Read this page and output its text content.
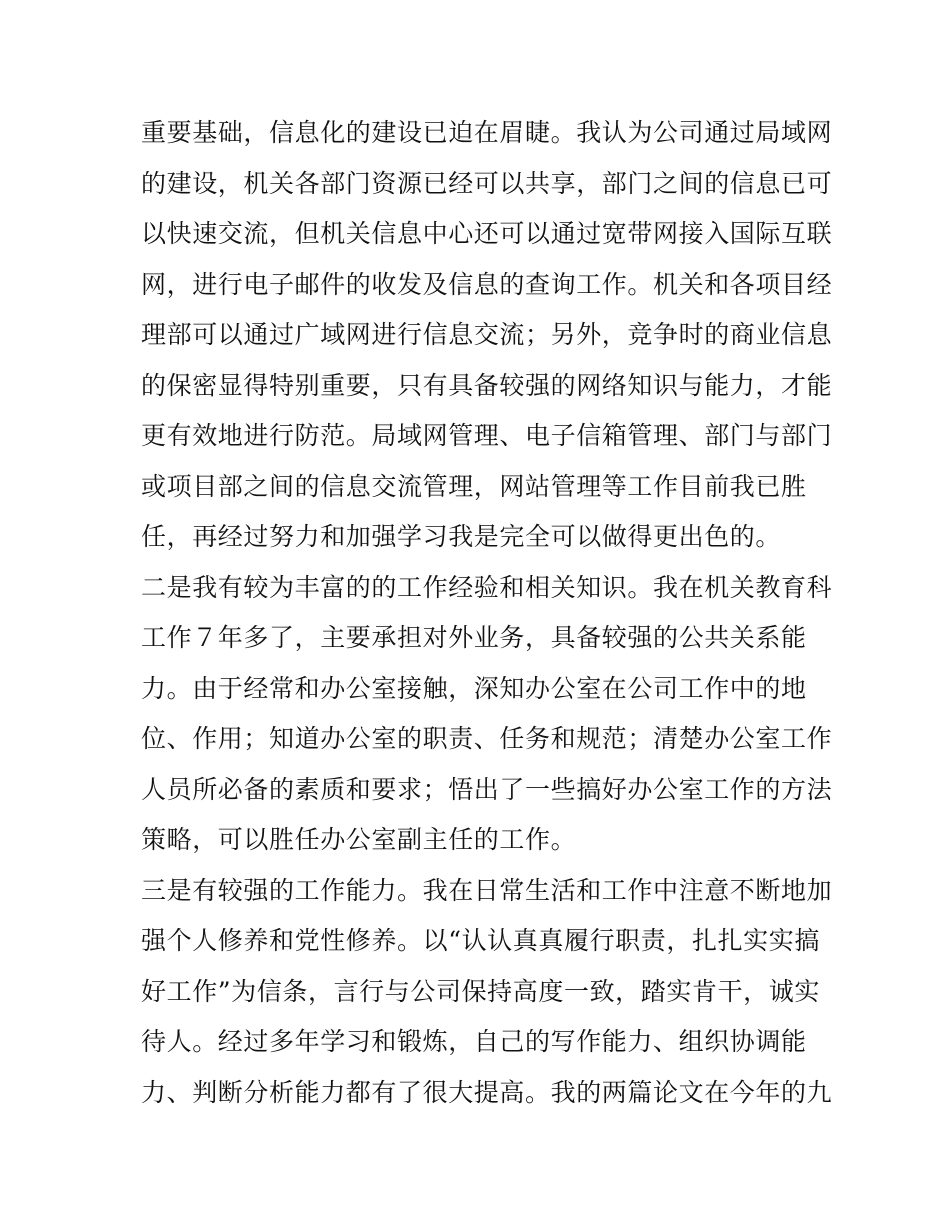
重要基础，信息化的建设已迫在眉睫。我认为公司通过局域网
的建设，机关各部门资源已经可以共享，部门之间的信息已可
以快速交流，但机关信息中心还可以通过宽带网接入国际互联
网，进行电子邮件的收发及信息的查询工作。机关和各项目经
理部可以通过广域网进行信息交流；另外，竞争时的商业信息
的保密显得特别重要，只有具备较强的网络知识与能力，才能
更有效地进行防范。局域网管理、电子信箱管理、部门与部门
或项目部之间的信息交流管理，网站管理等工作目前我已胜
任，再经过努力和加强学习我是完全可以做得更出色的。
二是我有较为丰富的的工作经验和相关知识。我在机关教育科
工作７年多了，主要承担对外业务，具备较强的公共关系能
力。由于经常和办公室接触，深知办公室在公司工作中的地
位、作用；知道办公室的职责、任务和规范；清楚办公室工作
人员所必备的素质和要求；悟出了一些搞好办公室工作的方法
策略，可以胜任办公室副主任的工作。
三是有较强的工作能力。我在日常生活和工作中注意不断地加
强个人修养和党性修养。以“认认真真履行职责，扎扎实实搞
好工作”为信条，言行与公司保持高度一致，踏实肯干，诚实
待人。经过多年学习和锻炼，自己的写作能力、组织协调能
力、判断分析能力都有了很大提高。我的两篇论文在今年的九
